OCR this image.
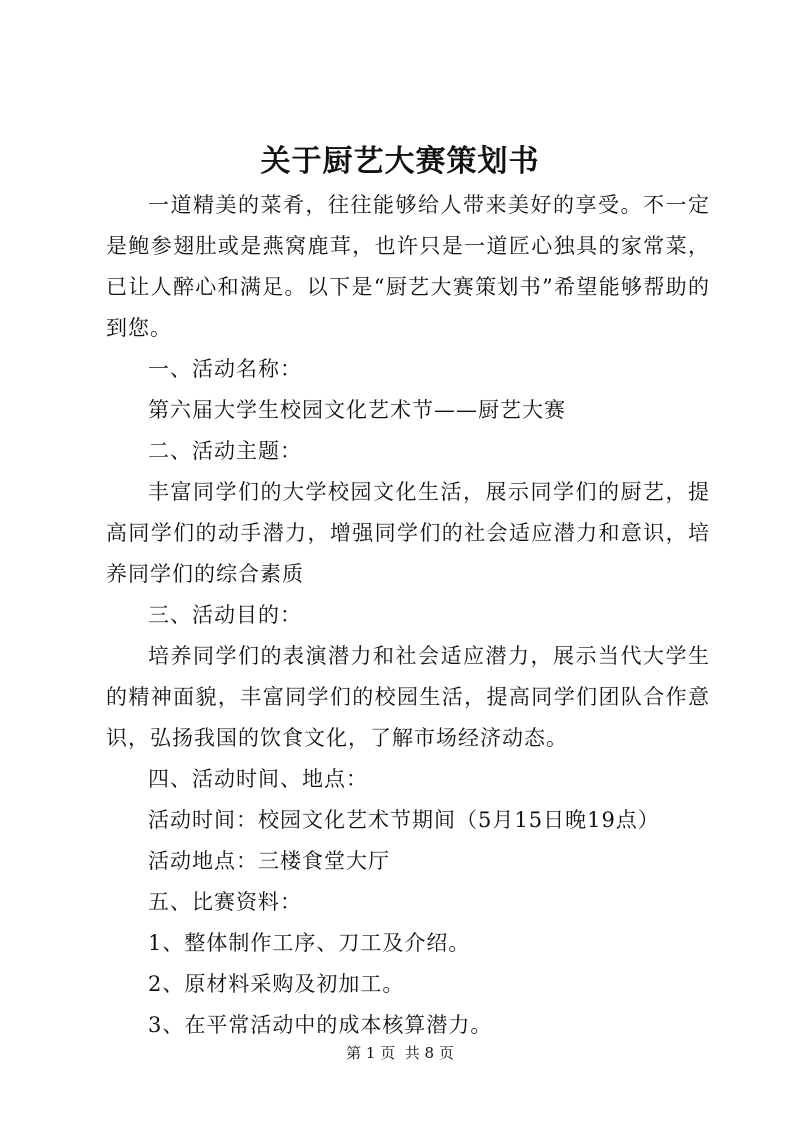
关于厨艺大赛策划书

一道精美的菜肴，往往能够给人带来美好的享受。不一定是鲍参翅肚或是燕窝鹿茸，也许只是一道匠心独具的家常菜，已让人醉心和满足。以下是“厨艺大赛策划书”希望能够帮助的到您。

一、活动名称：

第六届大学生校园文化艺术节——厨艺大赛

二、活动主题：

丰富同学们的大学校园文化生活，展示同学们的厨艺，提高同学们的动手潜力，增强同学们的社会适应潜力和意识，培养同学们的综合素质

三、活动目的：

培养同学们的表演潜力和社会适应潜力，展示当代大学生的精神面貌，丰富同学们的校园生活，提高同学们团队合作意识，弘扬我国的饮食文化，了解市场经济动态。

四、活动时间、地点：

活动时间：校园文化艺术节期间（5月15日晚19点）

活动地点：三楼食堂大厅

五、比赛资料：

1、整体制作工序、刀工及介绍。

2、原材料采购及初加工。

3、在平常活动中的成本核算潜力。

第 1 页  共 8 页
